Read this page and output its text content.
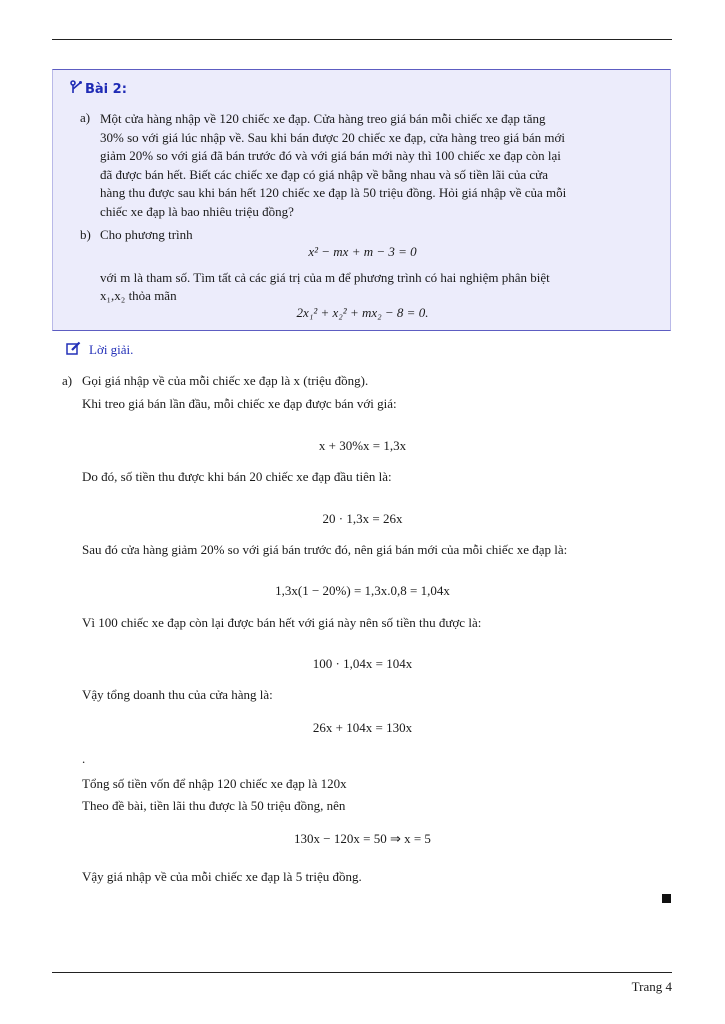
Bài 2:
a) Một cửa hàng nhập về 120 chiếc xe đạp. Cửa hàng treo giá bán mỗi chiếc xe đạp tăng
30% so với giá lúc nhập về. Sau khi bán được 20 chiếc xe đạp, cửa hàng treo giá bán mới
giảm 20% so với giá đã bán trước đó và với giá bán mới này thì 100 chiếc xe đạp còn lại
đã được bán hết. Biết các chiếc xe đạp có giá nhập về bằng nhau và số tiền lãi của cửa
hàng thu được sau khi bán hết 120 chiếc xe đạp là 50 triệu đồng. Hỏi giá nhập về của mỗi
chiếc xe đạp là bao nhiêu triệu đồng?
b) Cho phương trình
x² − mx + m − 3 = 0
với m là tham số. Tìm tất cả các giá trị của m để phương trình có hai nghiệm phân biệt
x₁,x₂ thỏa mãn
2x₁² + x₂² + mx₂ − 8 = 0.
Lời giải.
a) Gọi giá nhập về của mỗi chiếc xe đạp là x (triệu đồng).
Khi treo giá bán lần đầu, mỗi chiếc xe đạp được bán với giá:
x + 30%x = 1,3x
Do đó, số tiền thu được khi bán 20 chiếc xe đạp đầu tiên là:
20 · 1,3x = 26x
Sau đó cửa hàng giảm 20% so với giá bán trước đó, nên giá bán mới của mỗi chiếc xe đạp là:
1,3x(1 − 20%) = 1,3x.0,8 = 1,04x
Vì 100 chiếc xe đạp còn lại được bán hết với giá này nên số tiền thu được là:
100 · 1,04x = 104x
Vậy tổng doanh thu của cửa hàng là:
26x + 104x = 130x
.
Tổng số tiền vốn để nhập 120 chiếc xe đạp là 120x
Theo đề bài, tiền lãi thu được là 50 triệu đồng, nên
130x − 120x = 50 ⇒ x = 5
Vậy giá nhập về của mỗi chiếc xe đạp là 5 triệu đồng.
Trang 4
